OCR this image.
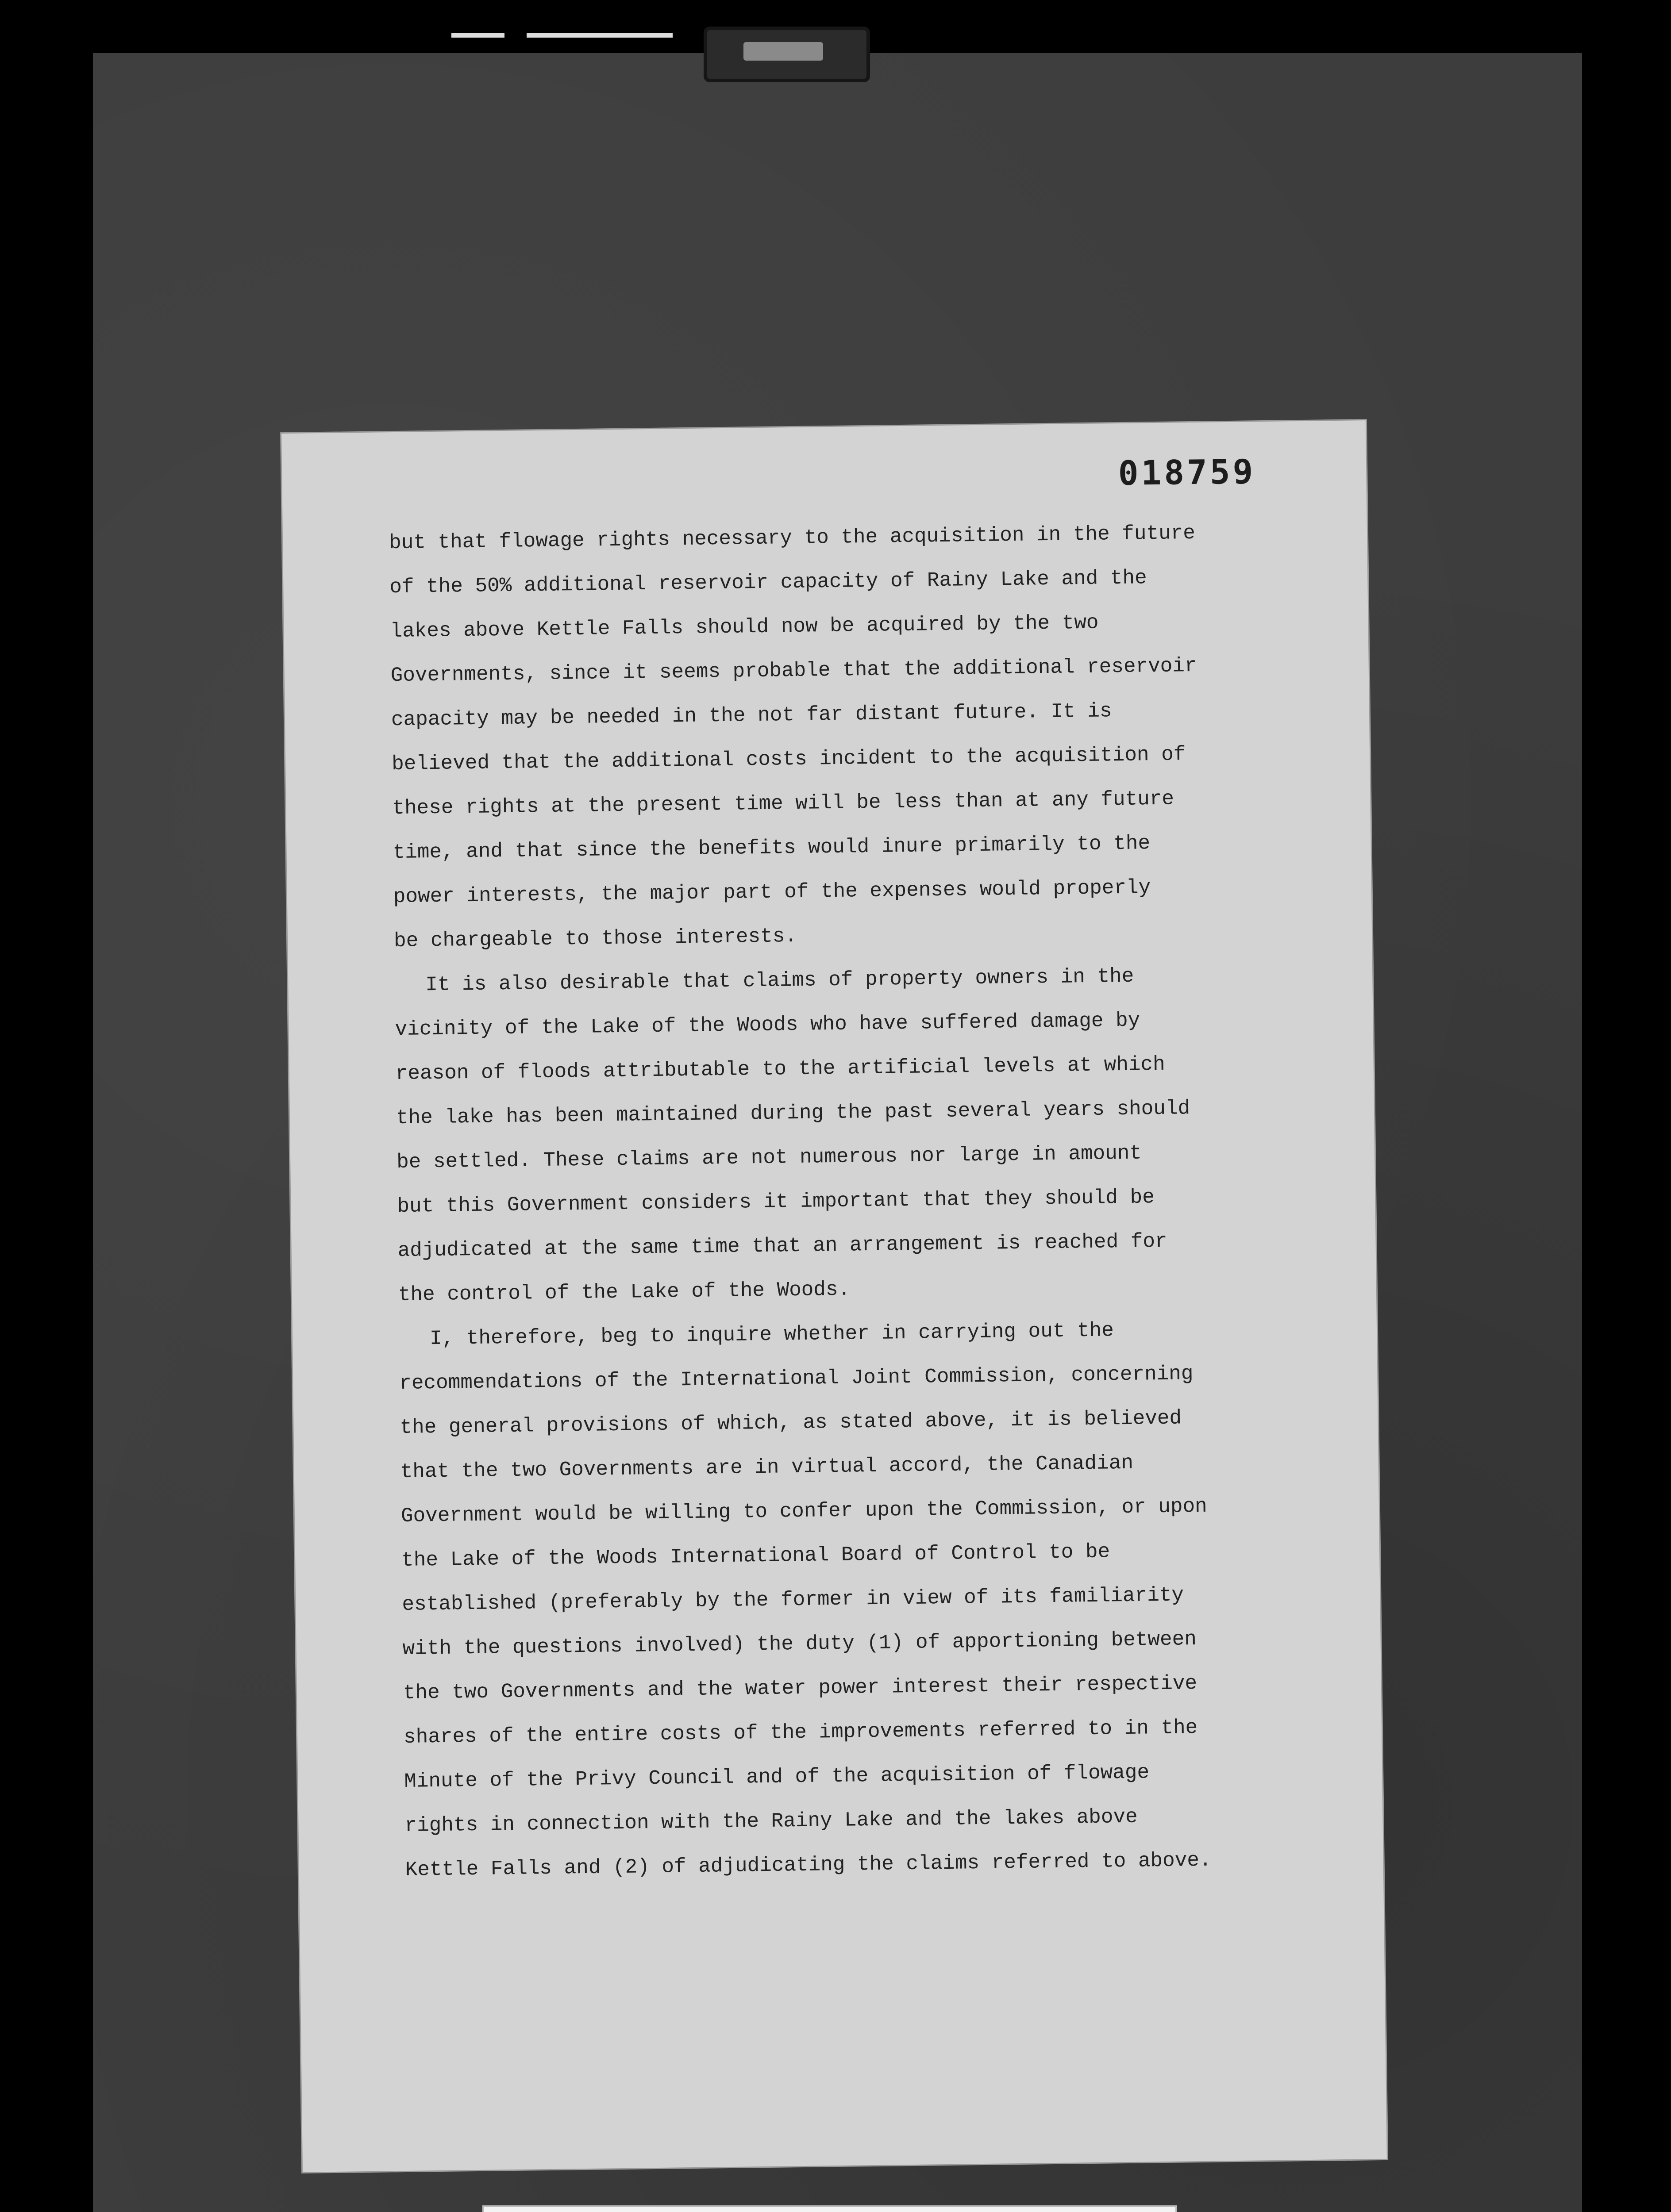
018759
but that flowage rights necessary to the acquisition in the future
of the 50% additional reservoir capacity of Rainy Lake and the
lakes above Kettle Falls should now be acquired by the two
Governments, since it seems probable that the additional reservoir
capacity may be needed in the not far distant future. It is
believed that the additional costs incident to the acquisition of
these rights at the present time will be less than at any future
time, and that since the benefits would inure primarily to the
power interests, the major part of the expenses would properly
be chargeable to those interests.
It is also desirable that claims of property owners in the
vicinity of the Lake of the Woods who have suffered damage by
reason of floods attributable to the artificial levels at which
the lake has been maintained during the past several years should
be settled. These claims are not numerous nor large in amount
but this Government considers it important that they should be
adjudicated at the same time that an arrangement is reached for
the control of the Lake of the Woods.
I, therefore, beg to inquire whether in carrying out the
recommendations of the International Joint Commission, concerning
the general provisions of which, as stated above, it is believed
that the two Governments are in virtual accord, the Canadian
Government would be willing to confer upon the Commission, or upon
the Lake of the Woods International Board of Control to be
established (preferably by the former in view of its familiarity
with the questions involved) the duty (1) of apportioning between
the two Governments and the water power interest their respective
shares of the entire costs of the improvements referred to in the
Minute of the Privy Council and of the acquisition of flowage
rights in connection with the Rainy Lake and the lakes above
Kettle Falls and (2) of adjudicating the claims referred to above.
